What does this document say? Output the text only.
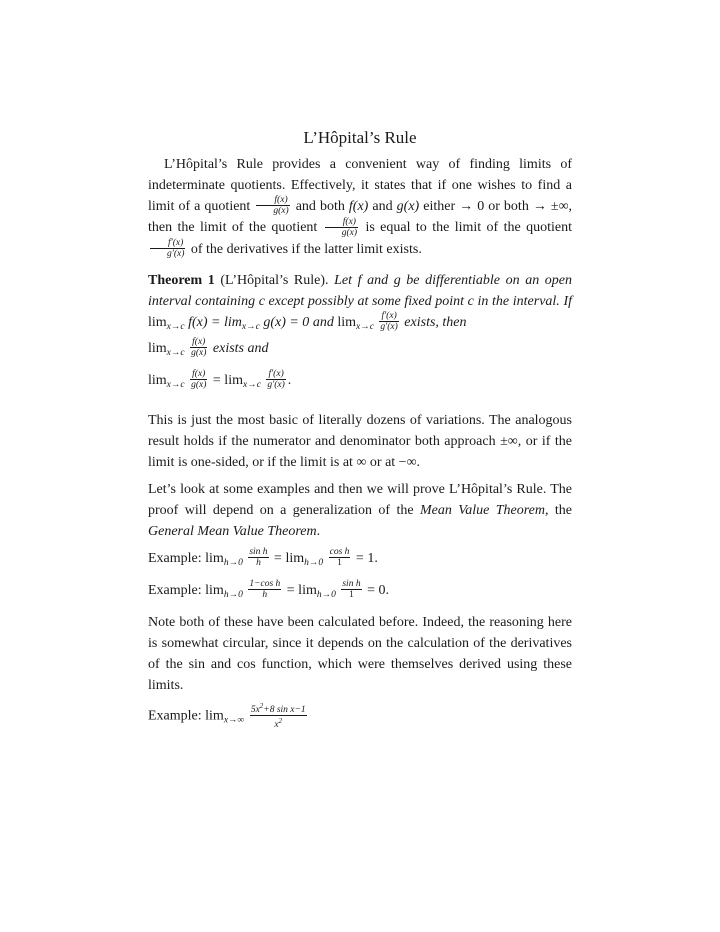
L’Hôpital’s Rule

L’Hôpital’s Rule provides a convenient way of finding limits of indeterminate quotients. Effectively, it states that if one wishes to find a limit of a quotient $\frac{f(x)}{g(x)}$ and both f(x) and g(x) either → 0 or both → ±∞, then the limit of the quotient $\frac{f(x)}{g(x)}$ is equal to the limit of the quotient
$\frac{f'(x)}{g'(x)}$ of the derivatives if the latter limit exists.

Theorem 1 (L’Hôpital’s Rule). Let f and g be differentiable on an open interval containing c except possibly at some fixed point c in the interval. If $\lim_{x\to c} f(x) = \lim_{x\to c} g(x) = 0$ and $\lim_{x\to c} \frac{f'(x)}{g'(x)}$ exists, then
$\lim_{x\to c} \frac{f(x)}{g(x)}$ exists and

$\lim_{x\to c} \frac{f(x)}{g(x)} = \lim_{x\to c} \frac{f'(x)}{g'(x)}$ .

This is just the most basic of literally dozens of variations. The analogous result holds if the numerator and denominator both approach ±∞, or if the limit is one-sided, or if the limit is at ∞ or at −∞.

Let’s look at some examples and then we will prove L’Hôpital’s Rule. The proof will depend on a generalization of the Mean Value Theorem, the General Mean Value Theorem.

Example: $\lim_{h\to 0} \frac{\text{sin h}}{h} = \lim_{h\to 0} \frac{\text{cos h}}{1} = 1$.

Example: $\lim_{h\to 0} \frac{\text{1−cos h}}{h} = \lim_{h\to 0} \frac{\text{sin h}}{1} = 0$.

Note both of these have been calculated before. Indeed, the reasoning here is somewhat circular, since it depends on the calculation of the derivatives of the sin and cos function, which were themselves derived using these limits.

Example: $\lim_{x\to\infty} \frac{5x^2+8 \sin x-1}{x^2}$
